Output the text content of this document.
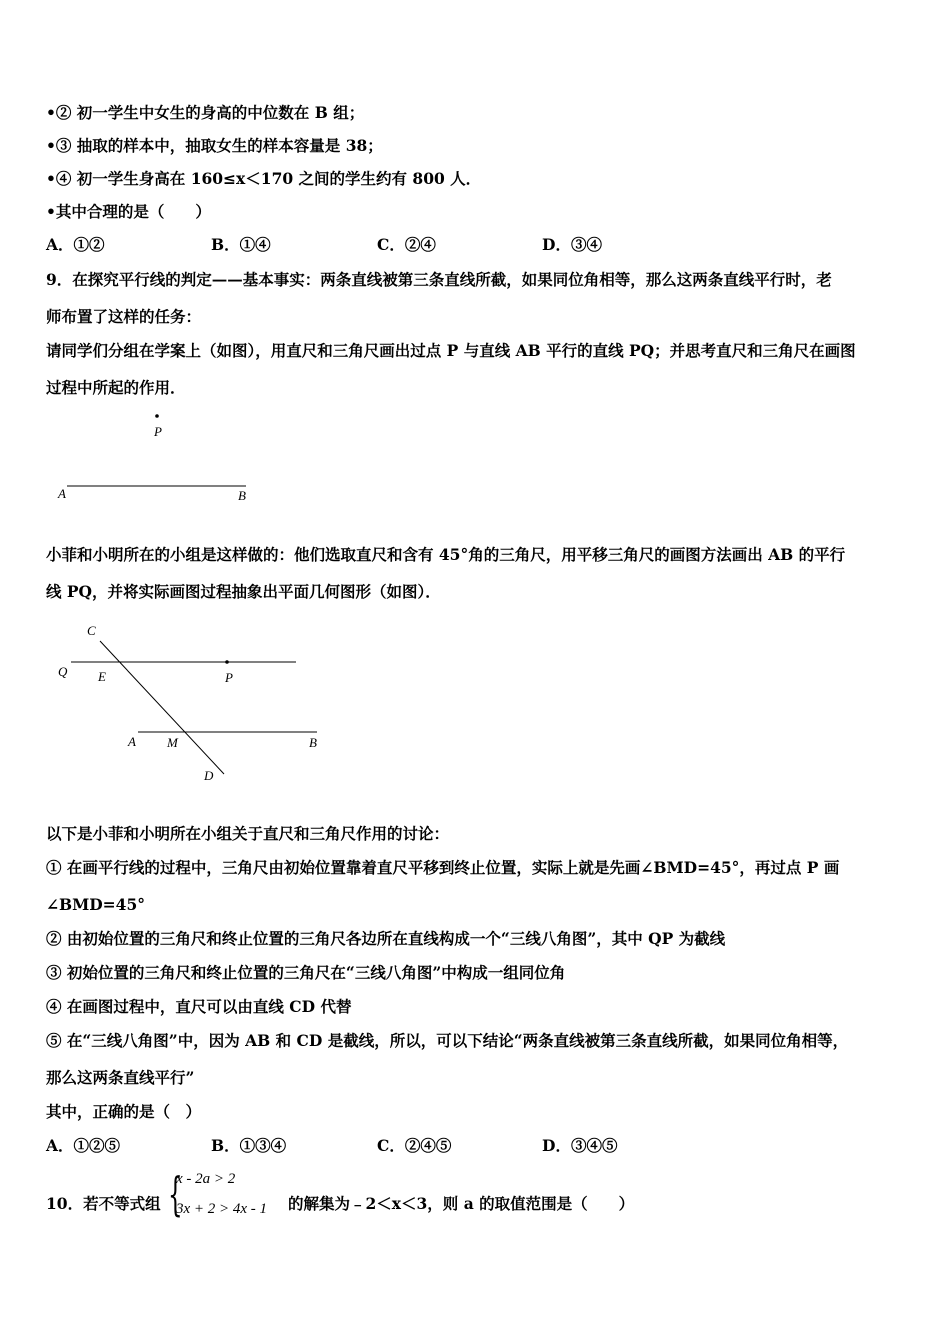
•② 初一学生中女生的身高的中位数在 B 组；
•③ 抽取的样本中，抽取女生的样本容量是 38；
•④ 初一学生身高在 160≤x＜170 之间的学生约有 800 人．
•其中合理的是（　　）
A．①②	B．①④	C．②④	D．③④
9．在探究平行线的判定——基本事实：两条直线被第三条直线所截，如果同位角相等，那么这两条直线平行时，老
师布置了这样的任务：
请同学们分组在学案上（如图），用直尺和三角尺画出过点 P 与直线 AB 平行的直线 PQ；并思考直尺和三角尺在画图
过程中所起的作用．
P
A	B
小菲和小明所在的小组是这样做的：他们选取直尺和含有 45°角的三角尺，用平移三角尺的画图方法画出 AB 的平行
线 PQ，并将实际画图过程抽象出平面几何图形（如图）．
C
Q E	P
A M	B
D
以下是小菲和小明所在小组关于直尺和三角尺作用的讨论：
① 在画平行线的过程中，三角尺由初始位置靠着直尺平移到终止位置，实际上就是先画∠BMD=45°，再过点 P 画
∠BMD=45°
② 由初始位置的三角尺和终止位置的三角尺各边所在直线构成一个“三线八角图”，其中 QP 为截线
③ 初始位置的三角尺和终止位置的三角尺在“三线八角图”中构成一组同位角
④ 在画图过程中，直尺可以由直线 CD 代替
⑤ 在“三线八角图”中，因为 AB 和 CD 是截线，所以，可以下结论“两条直线被第三条直线所截，如果同位角相等，
那么这两条直线平行”
其中，正确的是（　）
A．①②⑤	B．①③④	C．②④⑤	D．③④⑤
10．若不等式组 {
x - 2a > 2
3x + 2 > 4x - 1 的解集为﹣2＜x＜3，则 a 的取值范围是（　　）
